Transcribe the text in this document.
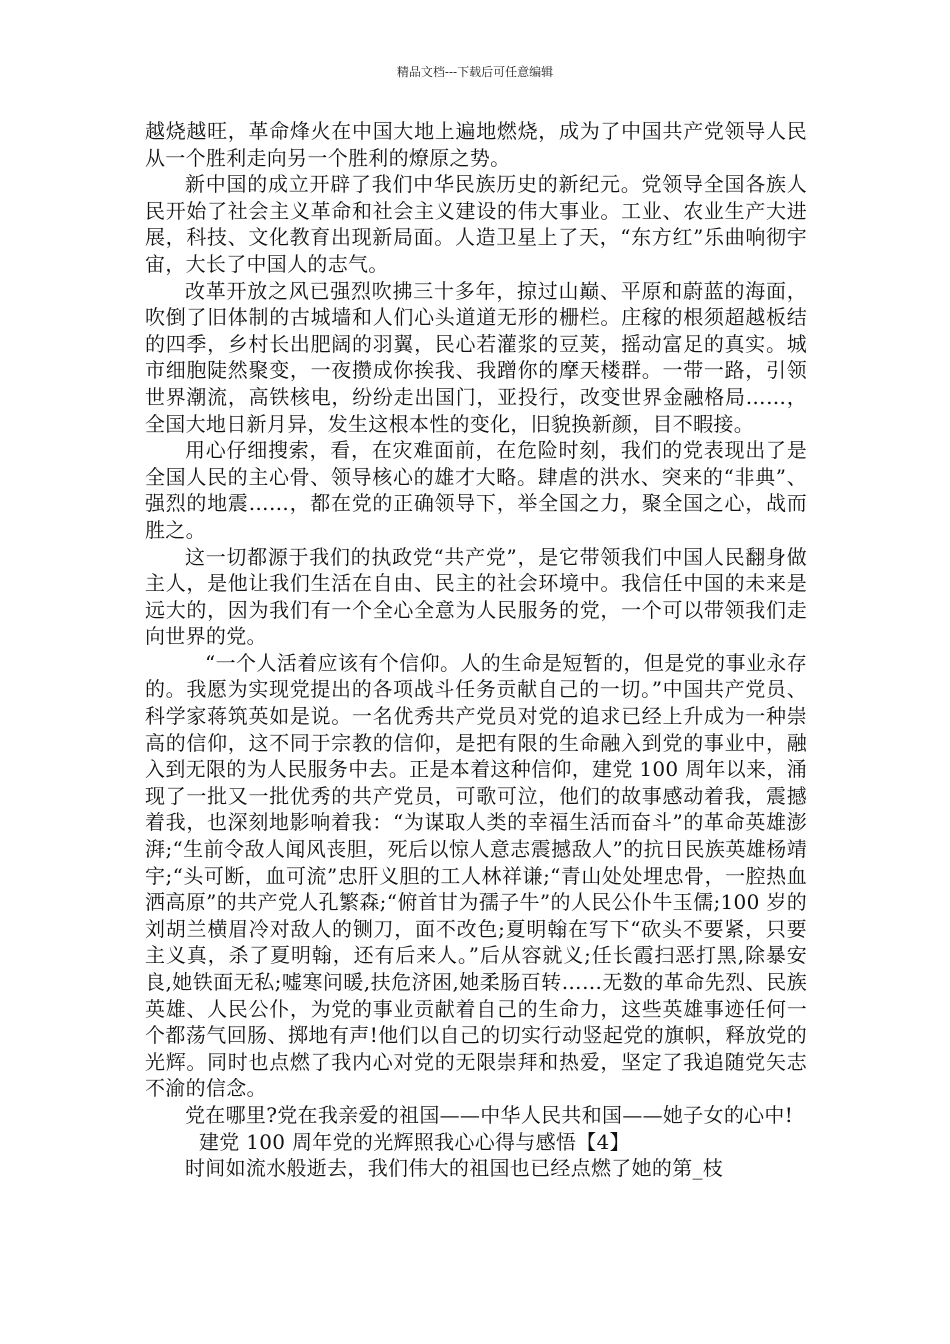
精品文档---下载后可任意编辑

越烧越旺，革命烽火在中国大地上遍地燃烧，成为了中国共产党领导人民从一个胜利走向另一个胜利的燎原之势。

新中国的成立开辟了我们中华民族历史的新纪元。党领导全国各族人民开始了社会主义革命和社会主义建设的伟大事业。工业、农业生产大进展，科技、文化教育出现新局面。人造卫星上了天，“东方红”乐曲响彻宇宙，大长了中国人的志气。

改革开放之风已强烈吹拂三十多年，掠过山巅、平原和蔚蓝的海面，吹倒了旧体制的古城墙和人们心头道道无形的栅栏。庄稼的根须超越板结的四季，乡村长出肥阔的羽翼，民心若灌浆的豆荚，摇动富足的真实。城市细胞陡然聚变，一夜攒成你挨我、我蹭你的摩天楼群。一带一路，引领世界潮流，高铁核电，纷纷走出国门，亚投行，改变世界金融格局……，全国大地日新月异，发生这根本性的变化，旧貌换新颜，目不暇接。

用心仔细搜索，看，在灾难面前，在危险时刻，我们的党表现出了是全国人民的主心骨、领导核心的雄才大略。肆虐的洪水、突来的“非典”、强烈的地震……，都在党的正确领导下，举全国之力，聚全国之心，战而胜之。

这一切都源于我们的执政党“共产党”，是它带领我们中国人民翻身做主人，是他让我们生活在自由、民主的社会环境中。我信任中国的未来是远大的，因为我们有一个全心全意为人民服务的党，一个可以带领我们走向世界的党。

“一个人活着应该有个信仰。人的生命是短暂的，但是党的事业永存的。我愿为实现党提出的各项战斗任务贡献自己的一切。”中国共产党员、科学家蒋筑英如是说。一名优秀共产党员对党的追求已经上升成为一种崇高的信仰，这不同于宗教的信仰，是把有限的生命融入到党的事业中，融入到无限的为人民服务中去。正是本着这种信仰，建党 100 周年以来，涌现了一批又一批优秀的共产党员，可歌可泣，他们的故事感动着我，震撼着我，也深刻地影响着我：“为谋取人类的幸福生活而奋斗”的革命英雄澎湃;“生前令敌人闻风丧胆，死后以惊人意志震撼敌人”的抗日民族英雄杨靖宇;“头可断，血可流”忠肝义胆的工人林祥谦;“青山处处埋忠骨，一腔热血洒高原”的共产党人孔繁森;“俯首甘为孺子牛”的人民公仆牛玉儒;100 岁的刘胡兰横眉冷对敌人的铡刀，面不改色;夏明翰在写下“砍头不要紧，只要主义真，杀了夏明翰，还有后来人。”后从容就义;任长霞扫恶打黑,除暴安良,她铁面无私;嘘寒问暖,扶危济困,她柔肠百转……无数的革命先烈、民族英雄、人民公仆，为党的事业贡献着自己的生命力，这些英雄事迹任何一个都荡气回肠、掷地有声!他们以自己的切实行动竖起党的旗帜，释放党的光辉。同时也点燃了我内心对党的无限崇拜和热爱，坚定了我追随党矢志不渝的信念。

党在哪里?党在我亲爱的祖国——中华人民共和国——她子女的心中!

建党 100 周年党的光辉照我心心得与感悟【4】

时间如流水般逝去，我们伟大的祖国也已经点燃了她的第_枝
